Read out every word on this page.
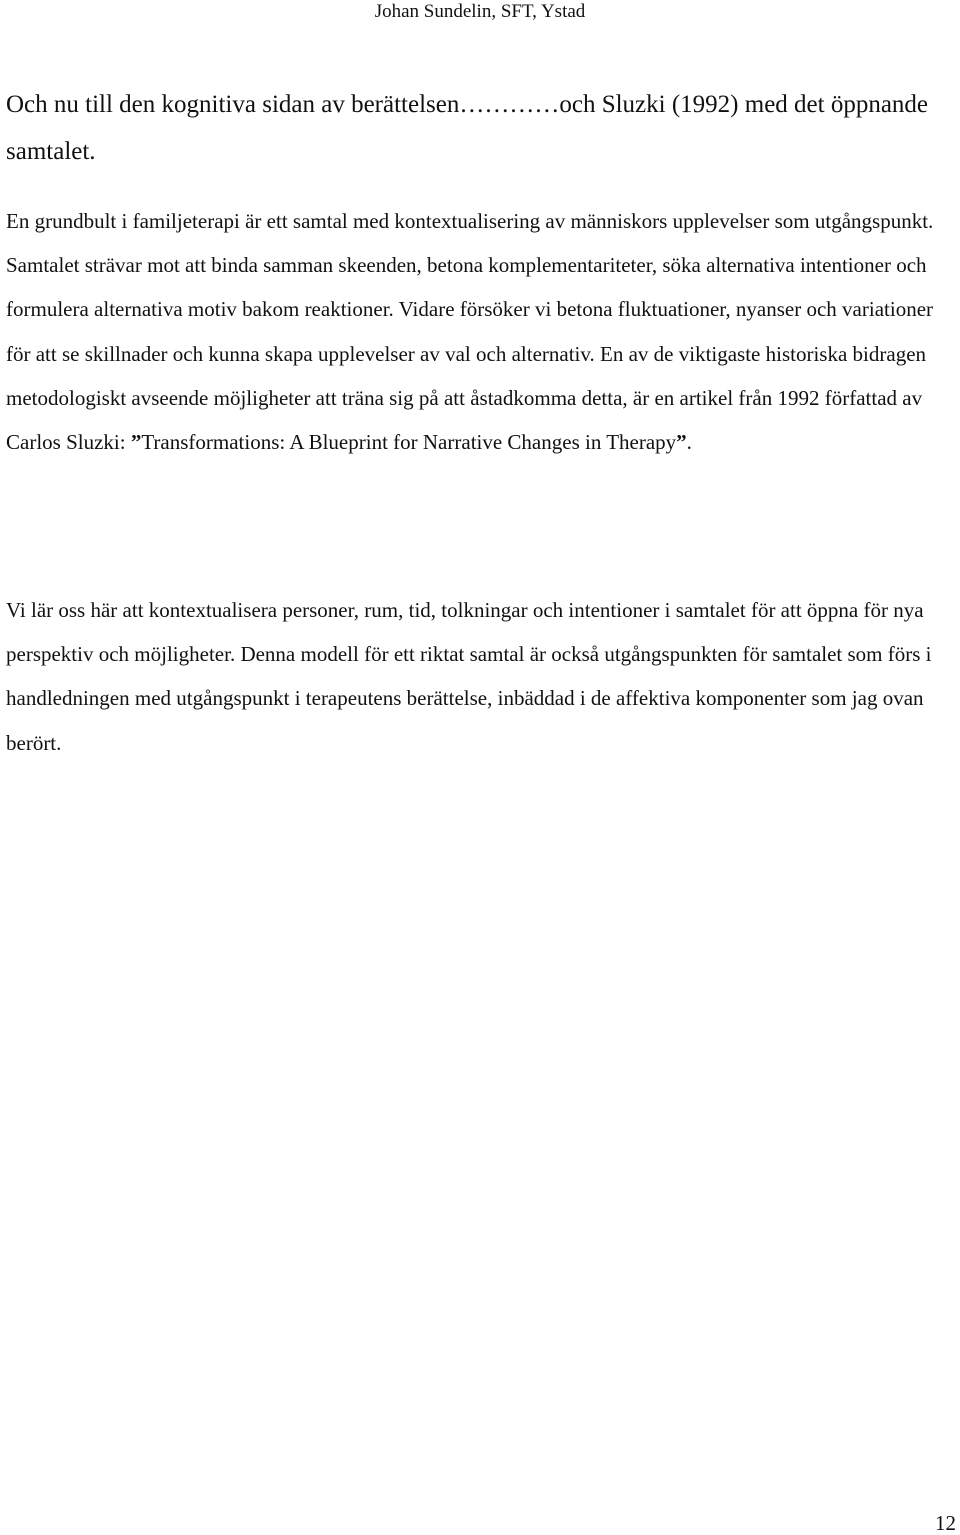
Johan Sundelin, SFT, Ystad
Och nu till den kognitiva sidan av berättelsen…………och Sluzki (1992) med det öppnande samtalet.
En grundbult i familjeterapi är ett samtal med kontextualisering av människors upplevelser som utgångspunkt. Samtalet strävar mot att binda samman skeenden, betona komplementariteter, söka alternativa intentioner och formulera alternativa motiv bakom reaktioner. Vidare försöker vi betona fluktuationer, nyanser och variationer för att se skillnader och kunna skapa upplevelser av val och alternativ. En av de viktigaste historiska bidragen metodologiskt avseende möjligheter att träna sig på att åstadkomma detta, är en artikel från 1992 författad av Carlos Sluzki: ”Transformations: A Blueprint for Narrative Changes in Therapy”.
Vi lär oss här att kontextualisera personer, rum, tid, tolkningar och intentioner i samtalet för att öppna för nya perspektiv och möjligheter. Denna modell för ett riktat samtal är också utgångspunkten för samtalet som förs i handledningen med utgångspunkt i terapeutens berättelse, inbäddad i de affektiva komponenter som jag ovan berört.
12
